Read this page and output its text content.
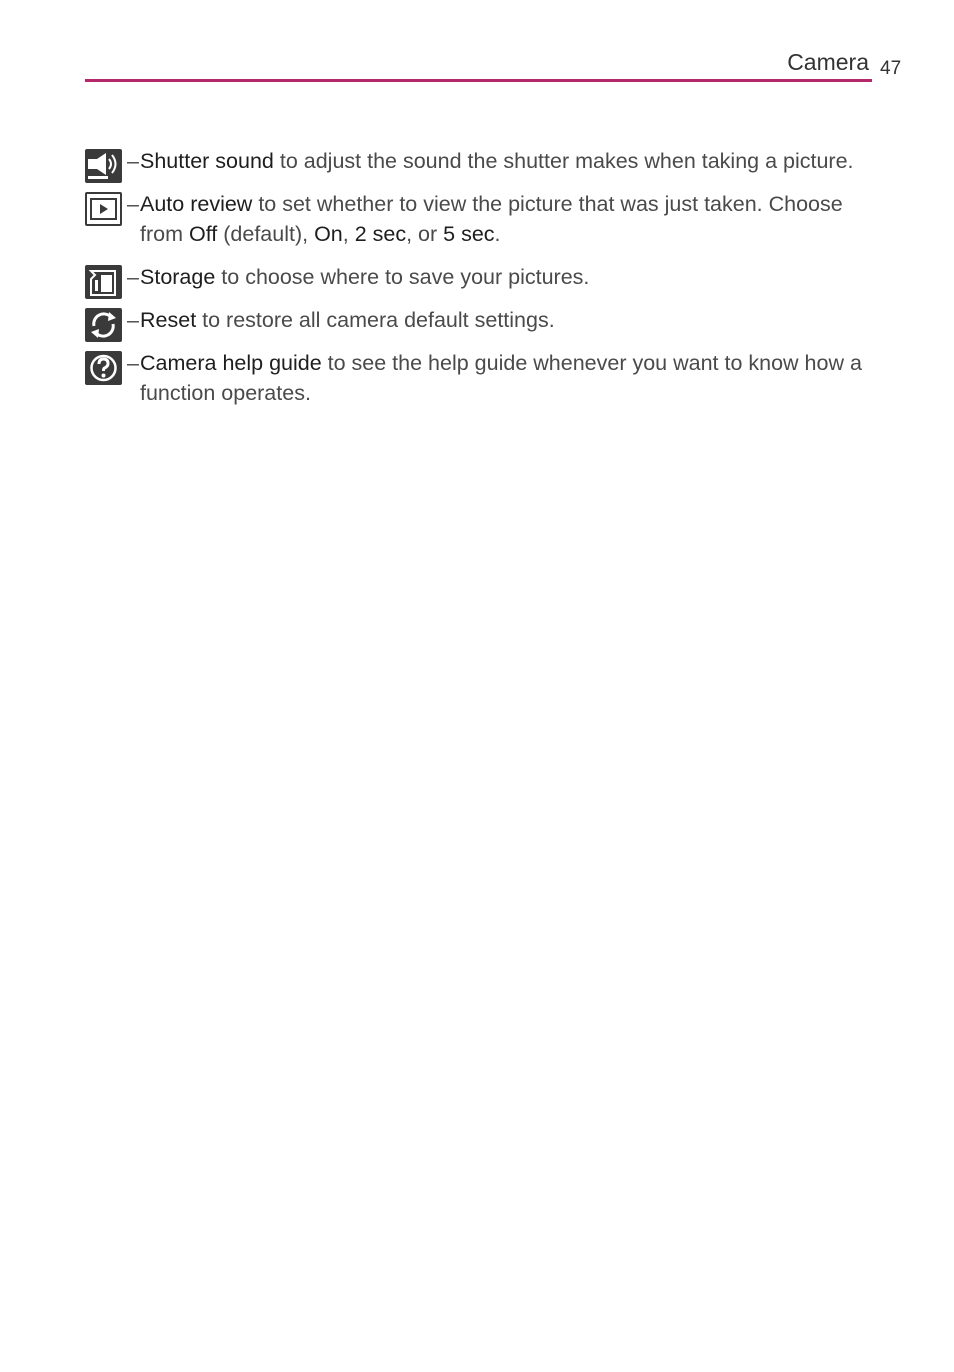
Camera 47
– Shutter sound to adjust the sound the shutter makes when taking a picture.
– Auto review to set whether to view the picture that was just taken. Choose from Off (default), On, 2 sec, or 5 sec.
– Storage to choose where to save your pictures.
– Reset to restore all camera default settings.
– Camera help guide to see the help guide whenever you want to know how a function operates.
